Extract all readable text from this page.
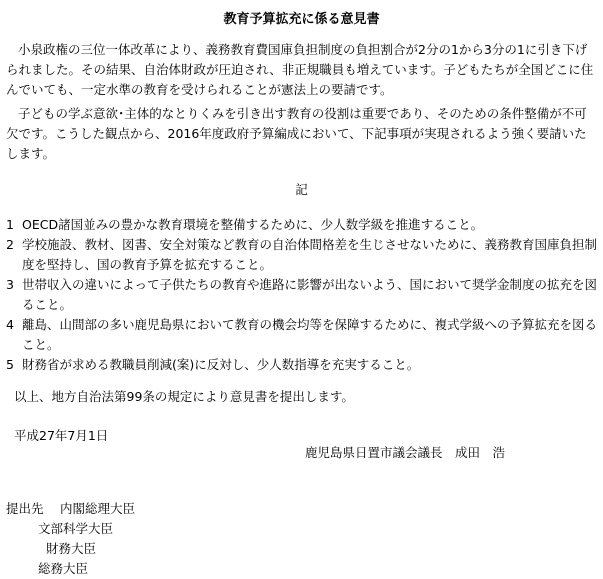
教育予算拡充に係る意見書
小泉政権の三位一体改革により、義務教育費国庫負担制度の負担割合が2分の1から3分の1に引き下げられました。その結果、自治体財政が圧迫され、非正規職員も増えています。子どもたちが全国どこに住んでいても、一定水準の教育を受けられることが憲法上の要請です。
子どもの学ぶ意欲･主体的なとりくみを引き出す教育の役割は重要であり、そのための条件整備が不可欠です。こうした観点から、2016年度政府予算編成において、下記事項が実現されるよう強く要請いたします。
記
1 OECD諸国並みの豊かな教育環境を整備するために、少人数学級を推進すること。
2 学校施設、教材、図書、安全対策など教育の自治体間格差を生じさせないために、義務教育国庫負担制度を堅持し、国の教育予算を拡充すること。
3 世帯収入の違いによって子供たちの教育や進路に影響が出ないよう、国において奨学金制度の拡充を図ること。
4 離島、山間部の多い鹿児島県において教育の機会均等を保障するために、複式学級への予算拡充を図ること。
5 財務省が求める教職員削減(案)に反対し、少人数指導を充実すること。
以上、地方自治法第99条の規定により意見書を提出します。
平成27年7月1日
鹿児島県日置市議会議長　成田　浩
提出先 内閣総理大臣
文部科学大臣
財務大臣
総務大臣
